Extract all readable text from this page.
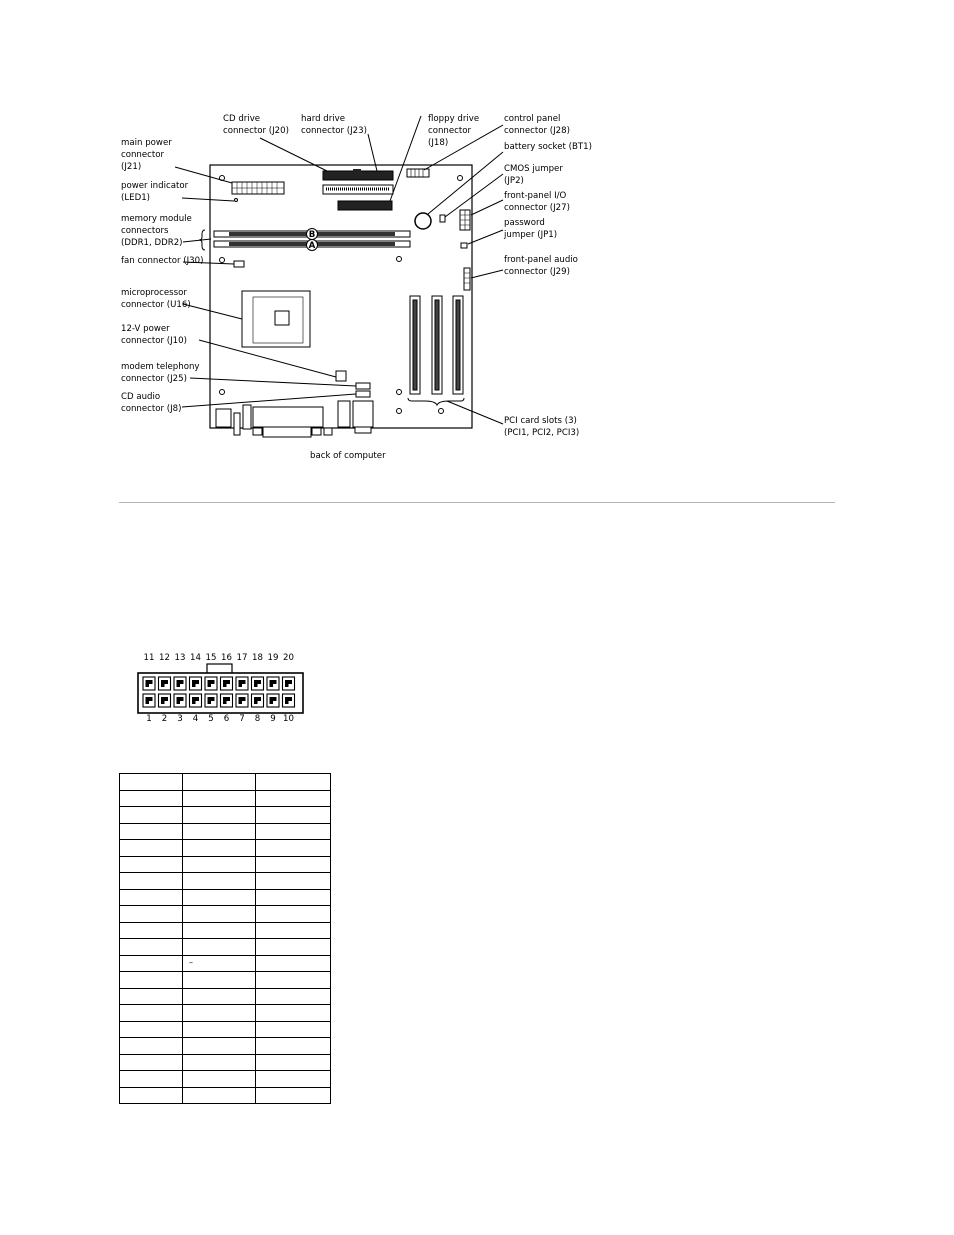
B
A
CD drive connector (J20)
hard drive connector (J23)
floppy drive connector (J18)
control panel connector (J28)
battery socket (BT1)
CMOS jumper (JP2)
front-panel I/O connector (J27)
password jumper (JP1)
front-panel audio connector (J29)
PCI card slots (3) (PCI1, PCI2, PCI3)
main power connector (J21)
power indicator (LED1)
memory module connectors (DDR1, DDR2)
fan connector (J30)
microprocessor connector (U16)
12-V power connector (J10)
modem telephony connector (J25)
CD audio connector (J8)
back of computer
11 12 13 14 15 16 17 18 19 20
1 2 3 4 5 6 7 8 9 10

	–	
